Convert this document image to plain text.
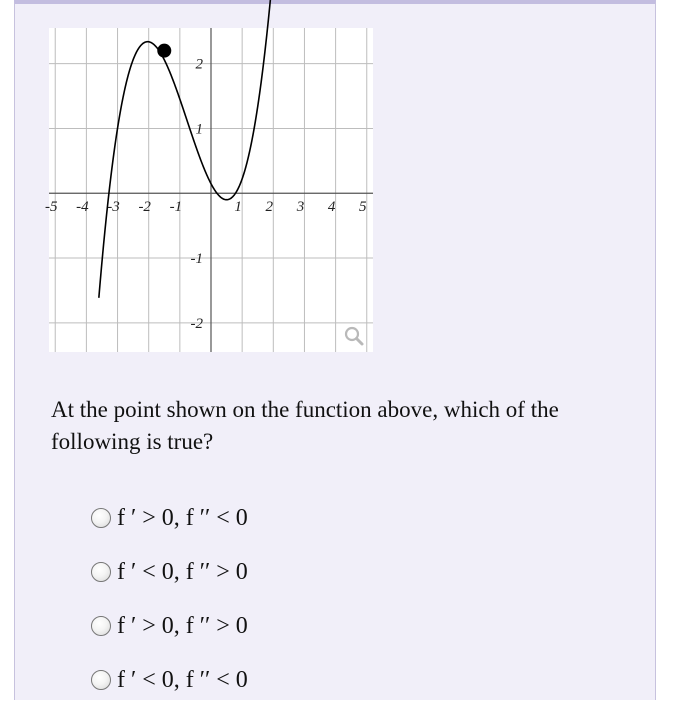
-5 -4 -3 -2 -1	1 2 3 4 5
2
1
-1
-2
At the point shown on the function above, which of the following is true?
f ′ > 0, f ′′ < 0
f ′ < 0, f ′′ > 0
f ′ > 0, f ′′ > 0
f ′ < 0, f ′′ < 0
